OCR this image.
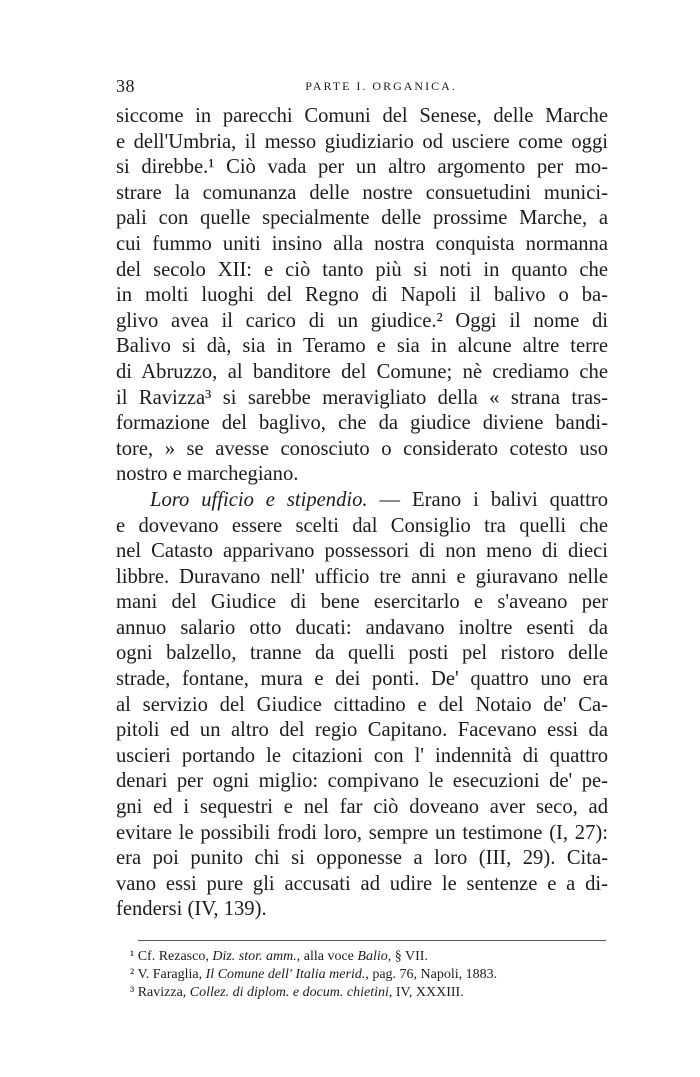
38	PARTE I. ORGANICA.
siccome in parecchi Comuni del Senese, delle Marche
e dell'Umbria, il messo giudiziario od usciere come oggi
si direbbe.¹ Ciò vada per un altro argomento per mo-
strare la comunanza delle nostre consuetudini munici-
pali con quelle specialmente delle prossime Marche, a
cui fummo uniti insino alla nostra conquista normanna
del secolo XII: e ciò tanto più si noti in quanto che
in molti luoghi del Regno di Napoli il balivo o ba-
glivo avea il carico di un giudice.² Oggi il nome di
Balivo si dà, sia in Teramo e sia in alcune altre terre
di Abruzzo, al banditore del Comune; nè crediamo che
il Ravizza³ si sarebbe meravigliato della « strana tras-
formazione del baglivo, che da giudice diviene bandi-
tore, » se avesse conosciuto o considerato cotesto uso
nostro e marchegiano.
Loro ufficio e stipendio. — Erano i balivi quattro
e dovevano essere scelti dal Consiglio tra quelli che
nel Catasto apparivano possessori di non meno di dieci
libbre. Duravano nell' ufficio tre anni e giuravano nelle
mani del Giudice di bene esercitarlo e s'aveano per
annuo salario otto ducati: andavano inoltre esenti da
ogni balzello, tranne da quelli posti pel ristoro delle
strade, fontane, mura e dei ponti. De' quattro uno era
al servizio del Giudice cittadino e del Notaio de' Ca-
pitoli ed un altro del regio Capitano. Facevano essi da
uscieri portando le citazioni con l' indennità di quattro
denari per ogni miglio: compivano le esecuzioni de' pe-
gni ed i sequestri e nel far ciò doveano aver seco, ad
evitare le possibili frodi loro, sempre un testimone (I, 27):
era poi punito chi si opponesse a loro (III, 29). Cita-
vano essi pure gli accusati ad udire le sentenze e a di-
fendersi (IV, 139).
¹ Cf. Rezasco, Diz. stor. amm., alla voce Balio, § VII.
² V. Faraglia, Il Comune dell' Italia merid., pag. 76, Napoli, 1883.
³ Ravizza, Collez. di diplom. e docum. chietini, IV, XXXIII.
